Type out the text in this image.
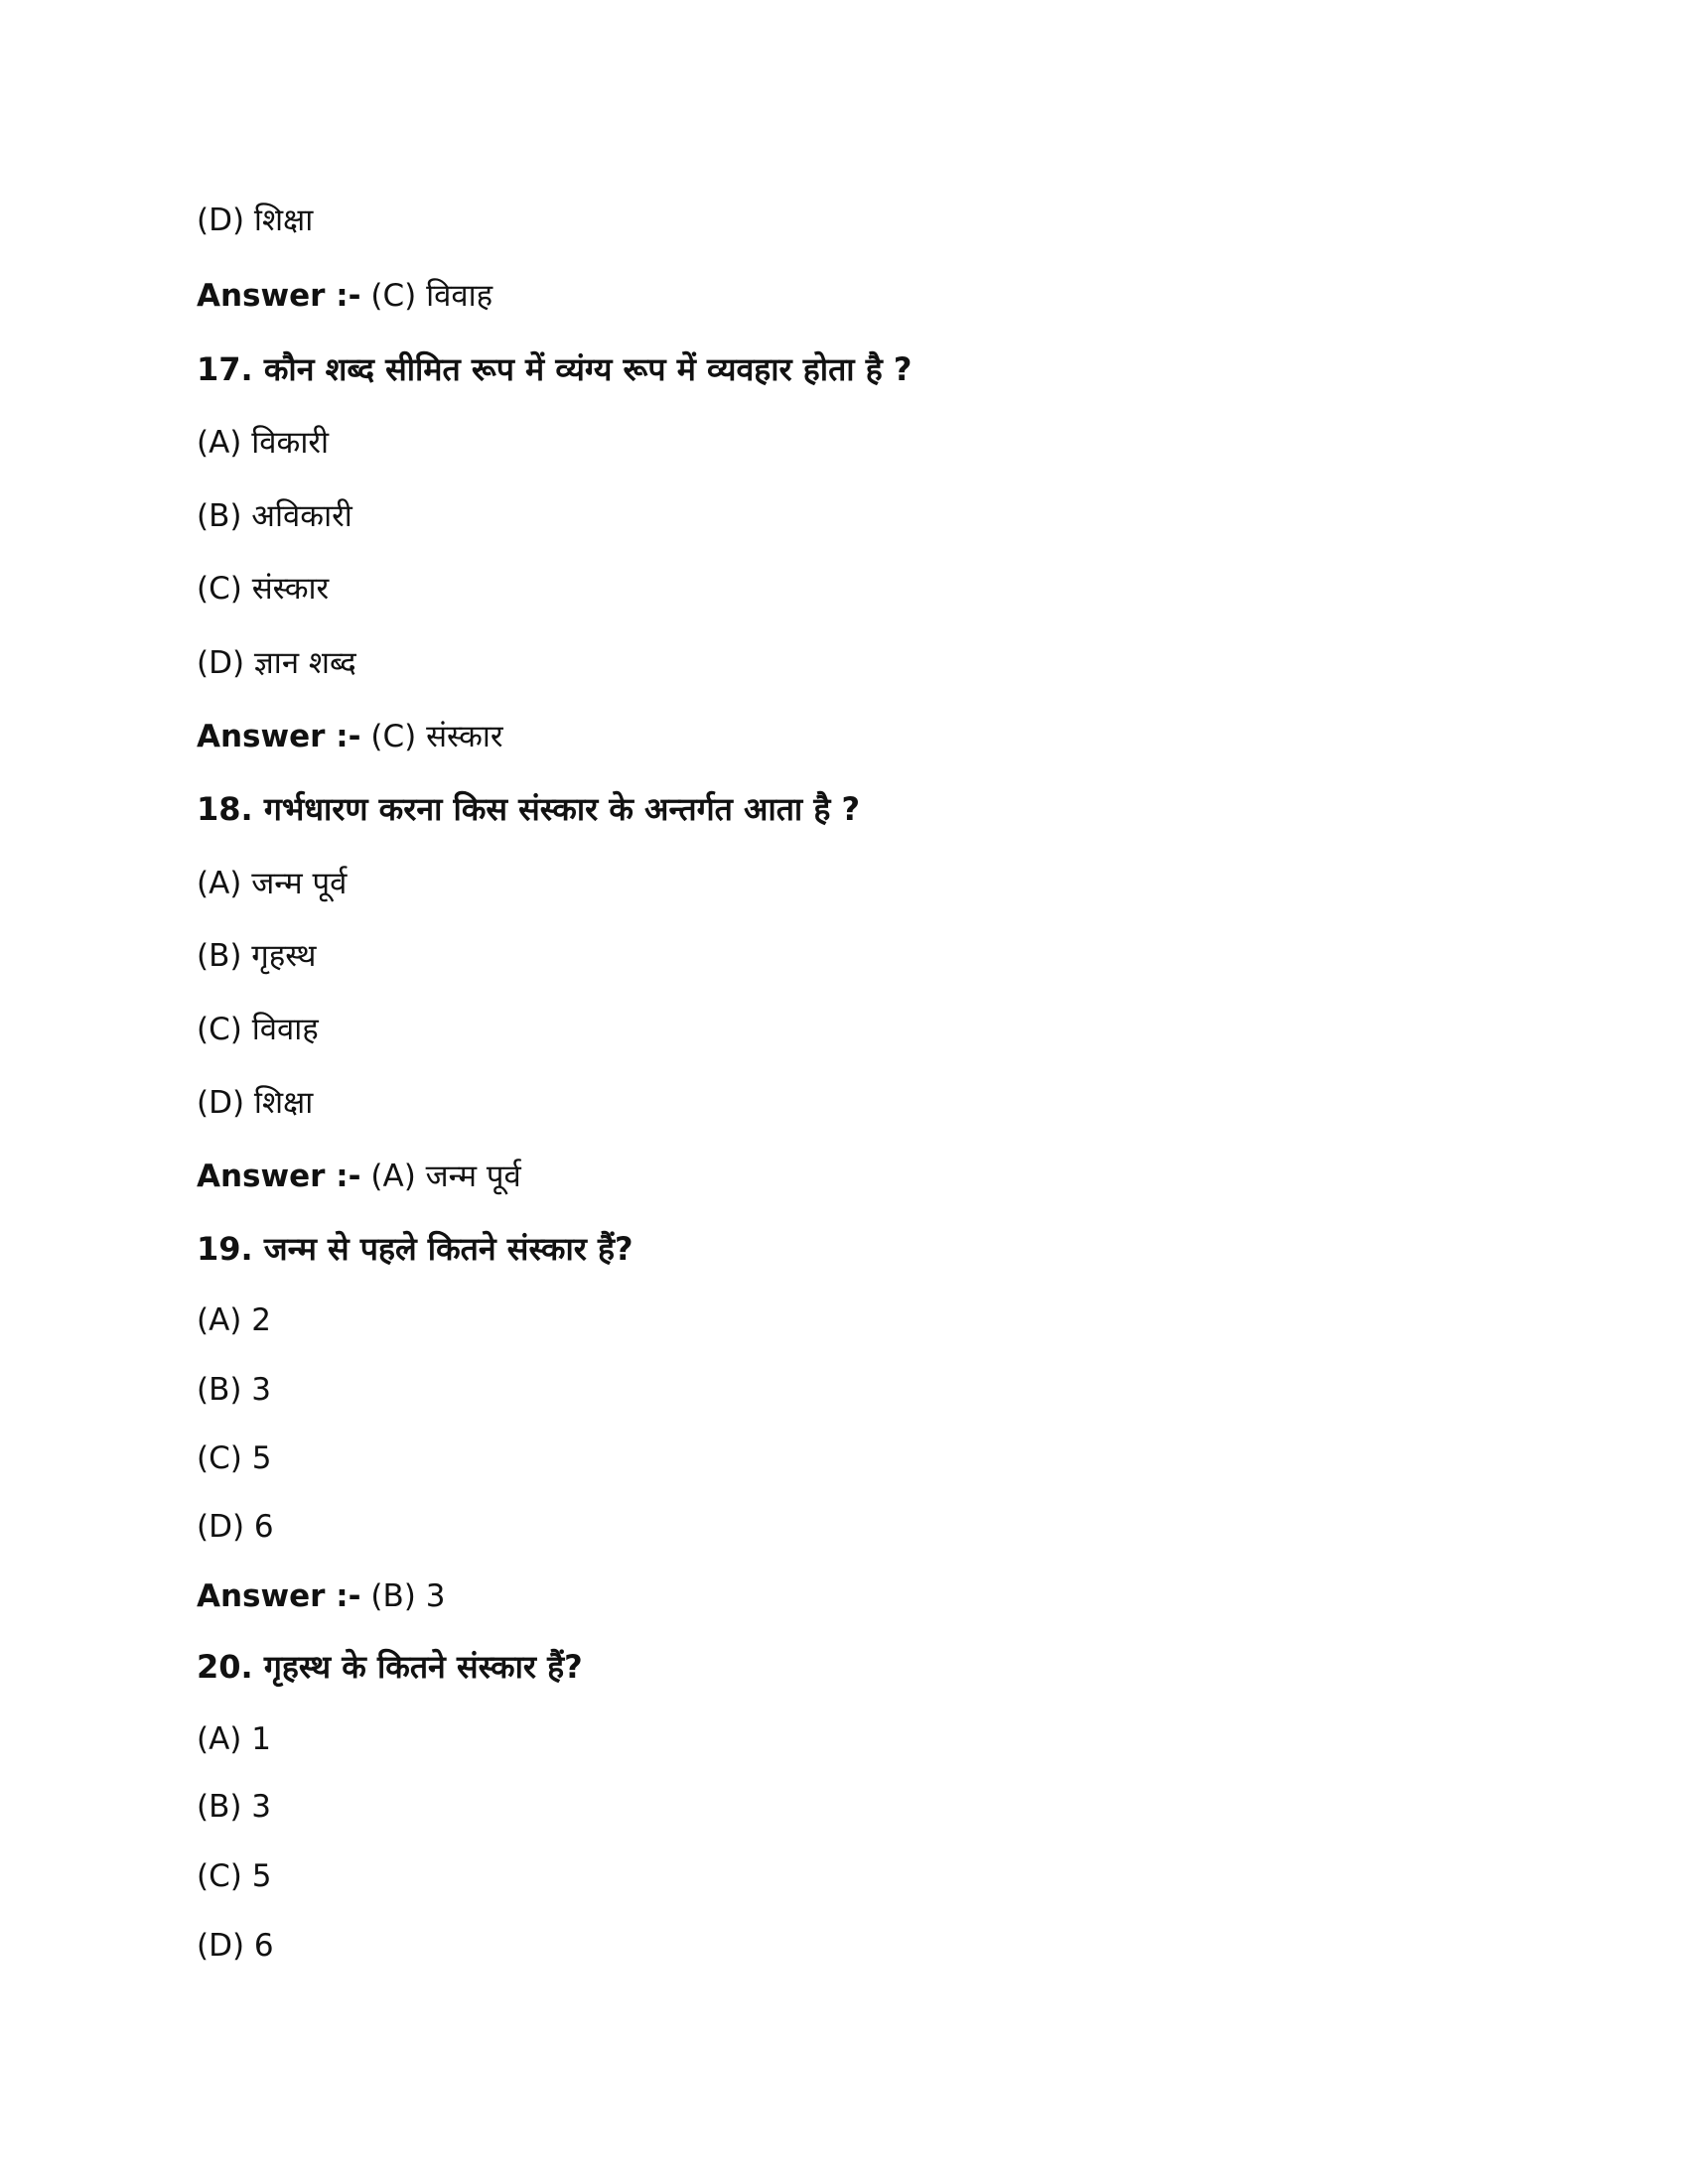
(D) शिक्षा
Answer :- (C) विवाह
17. कौन शब्द सीमित रूप में व्यंग्य रूप में व्यवहार होता है ?
(A) विकारी
(B) अविकारी
(C) संस्कार
(D) ज्ञान शब्द
Answer :- (C) संस्कार
18. गर्भधारण करना किस संस्कार के अन्तर्गत आता है ?
(A) जन्म पूर्व
(B) गृहस्थ
(C) विवाह
(D) शिक्षा
Answer :- (A) जन्म पूर्व
19. जन्म से पहले कितने संस्कार हैं?
(A) 2
(B) 3
(C) 5
(D) 6
Answer :- (B) 3
20. गृहस्थ के कितने संस्कार हैं?
(A) 1
(B) 3
(C) 5
(D) 6
